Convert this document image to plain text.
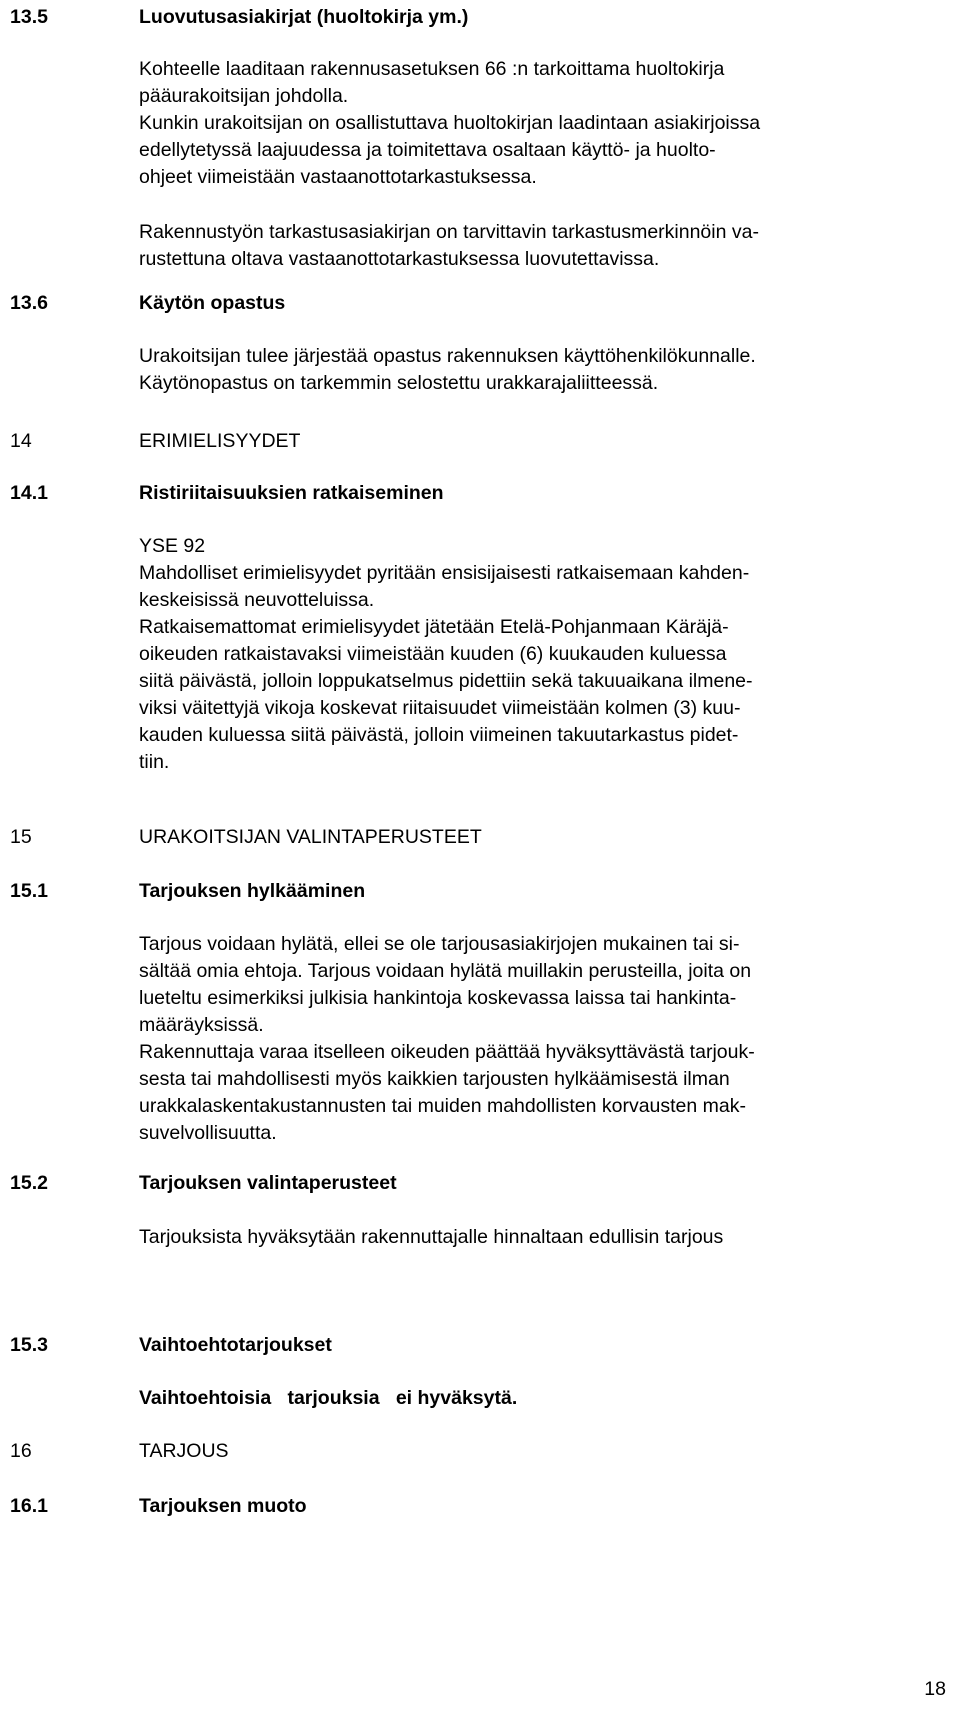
13.5	Luovutusasiakirjat (huoltokirja ym.)
Kohteelle laaditaan rakennusasetuksen 66 :n tarkoittama huoltokirja
pääurakoitsijan johdolla.
Kunkin urakoitsijan on osallistuttava huoltokirjan laadintaan asiakirjoissa
edellytetyssä laajuudessa ja toimitettava osaltaan käyttö- ja huolto-
ohjeet viimeistään vastaanottotarkastuksessa.
Rakennustyön tarkastusasiakirjan on tarvittavin tarkastusmerkinnöin va-
rustettuna oltava vastaanottotarkastuksessa luovutettavissa.
13.6	Käytön opastus
Urakoitsijan tulee järjestää opastus rakennuksen käyttöhenkilökunnalle.
Käytönopastus on tarkemmin selostettu urakkarajaliitteessä.
14	ERIMIELISYYDET
14.1	Ristiriitaisuuksien ratkaiseminen
YSE 92
Mahdolliset erimielisyydet pyritään ensisijaisesti ratkaisemaan kahden-
keskeisissä neuvotteluissa.
Ratkaisemattomat erimielisyydet jätetään Etelä-Pohjanmaan Käräjä-
oikeuden ratkaistavaksi viimeistään kuuden (6) kuukauden kuluessa
siitä päivästä, jolloin loppukatselmus pidettiin sekä takuuaikana ilmene-
viksi väitettyjä vikoja koskevat riitaisuudet viimeistään kolmen (3) kuu-
kauden kuluessa siitä päivästä, jolloin viimeinen takuutarkastus pidet-
tiin.
15	URAKOITSIJAN VALINTAPERUSTEET
15.1	Tarjouksen hylkääminen
Tarjous voidaan hylätä, ellei se ole tarjousasiakirjojen mukainen tai si-
sältää omia ehtoja. Tarjous voidaan hylätä muillakin perusteilla, joita on
lueteltu esimerkiksi julkisia hankintoja koskevassa laissa tai hankinta-
määräyksissä.
Rakennuttaja varaa itselleen oikeuden päättää hyväksyttävästä tarjouk-
sesta tai mahdollisesti myös kaikkien tarjousten hylkäämisestä ilman
urakkalaskentakustannusten tai muiden mahdollisten korvausten mak-
suvelvollisuutta.
15.2	Tarjouksen valintaperusteet
Tarjouksista hyväksytään rakennuttajalle hinnaltaan edullisin tarjous
15.3	Vaihtoehtotarjoukset
Vaihtoehtoisia   tarjouksia   ei hyväksytä.
16	TARJOUS
16.1	Tarjouksen muoto
18
